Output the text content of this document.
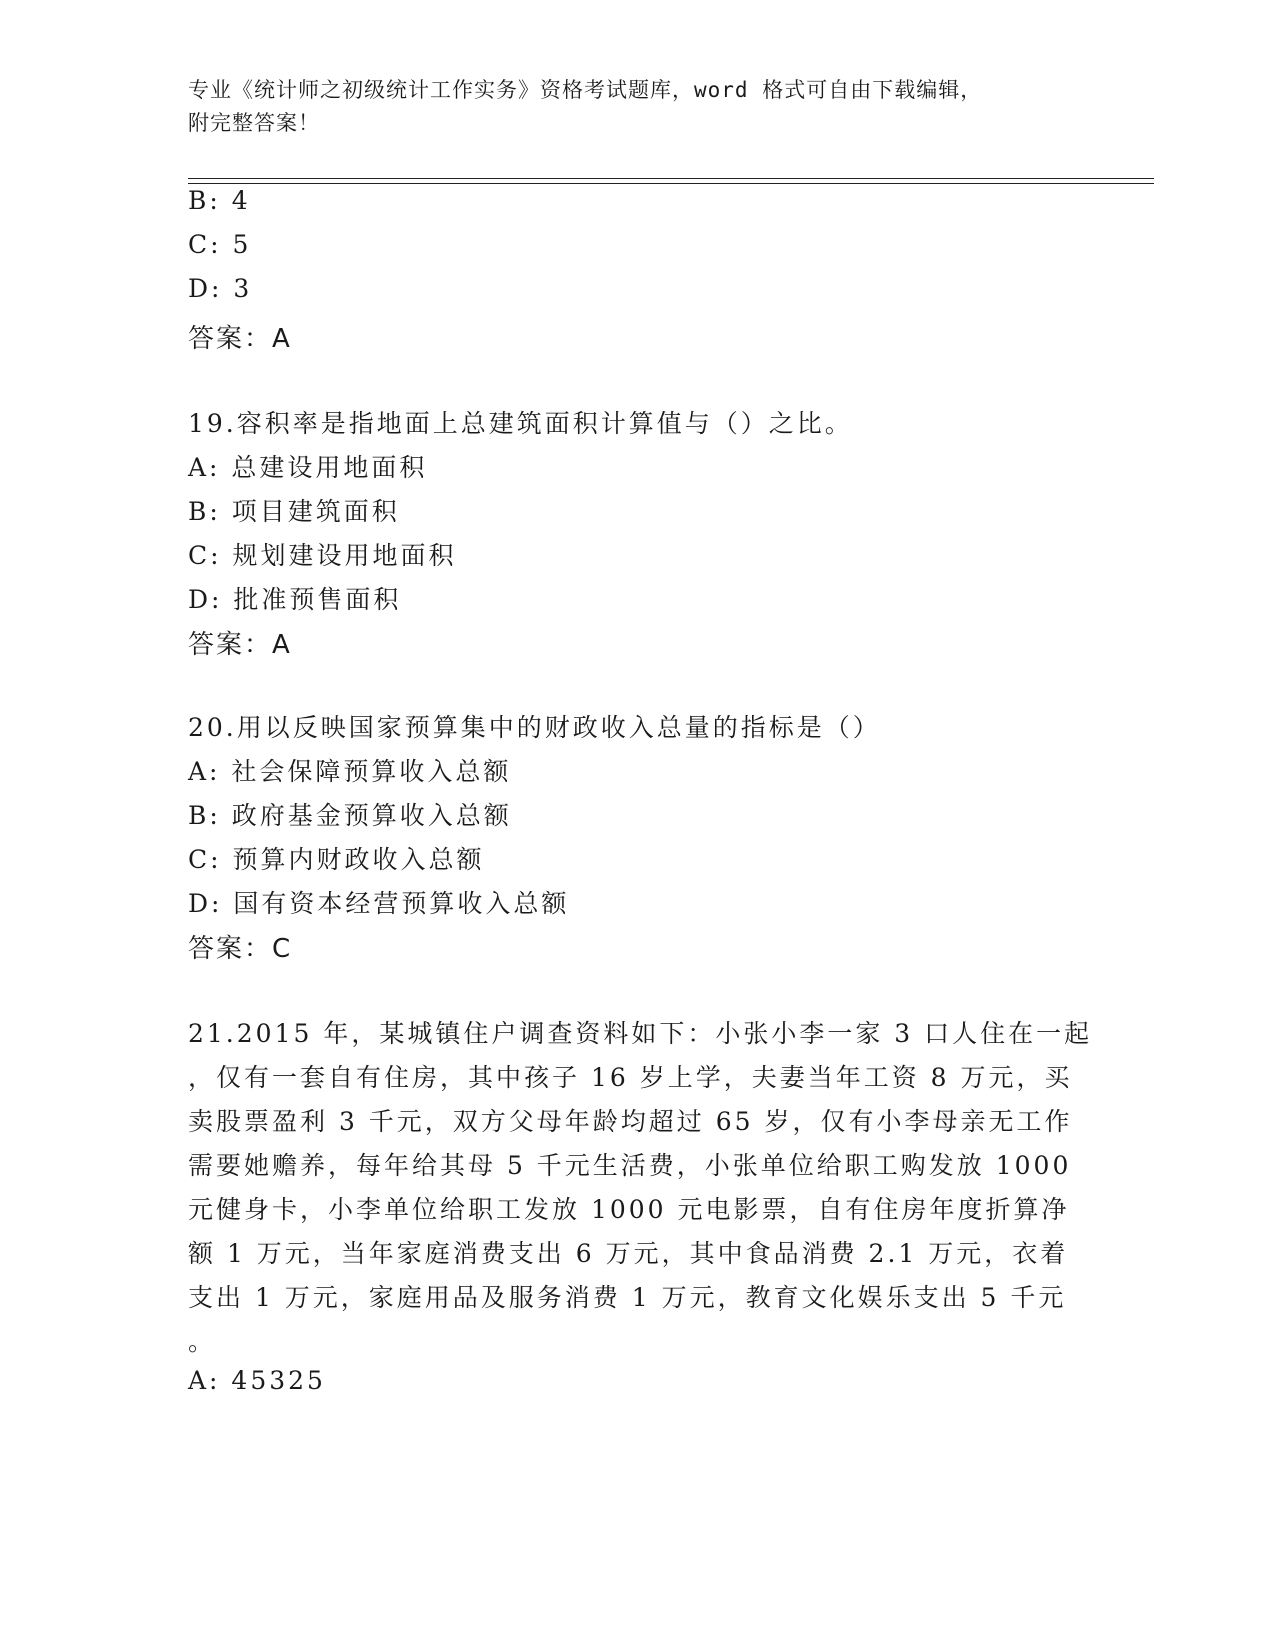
专业《统计师之初级统计工作实务》资格考试题库，word 格式可自由下载编辑，
附完整答案！
B: 4
C: 5
D: 3
答案：A
19.容积率是指地面上总建筑面积计算值与（）之比。
A: 总建设用地面积
B: 项目建筑面积
C: 规划建设用地面积
D: 批准预售面积
答案：A
20.用以反映国家预算集中的财政收入总量的指标是（）
A: 社会保障预算收入总额
B: 政府基金预算收入总额
C: 预算内财政收入总额
D: 国有资本经营预算收入总额
答案：C
21.2015 年，某城镇住户调查资料如下：小张小李一家 3 口人住在一起
，仅有一套自有住房，其中孩子 16 岁上学，夫妻当年工资 8 万元，买
卖股票盈利 3 千元，双方父母年龄均超过 65 岁，仅有小李母亲无工作
需要她赡养，每年给其母 5 千元生活费，小张单位给职工购发放 1000
元健身卡，小李单位给职工发放 1000 元电影票，自有住房年度折算净
额 1 万元，当年家庭消费支出 6 万元，其中食品消费 2.1 万元，衣着
支出 1 万元，家庭用品及服务消费 1 万元，教育文化娱乐支出 5 千元
。
A: 45325
